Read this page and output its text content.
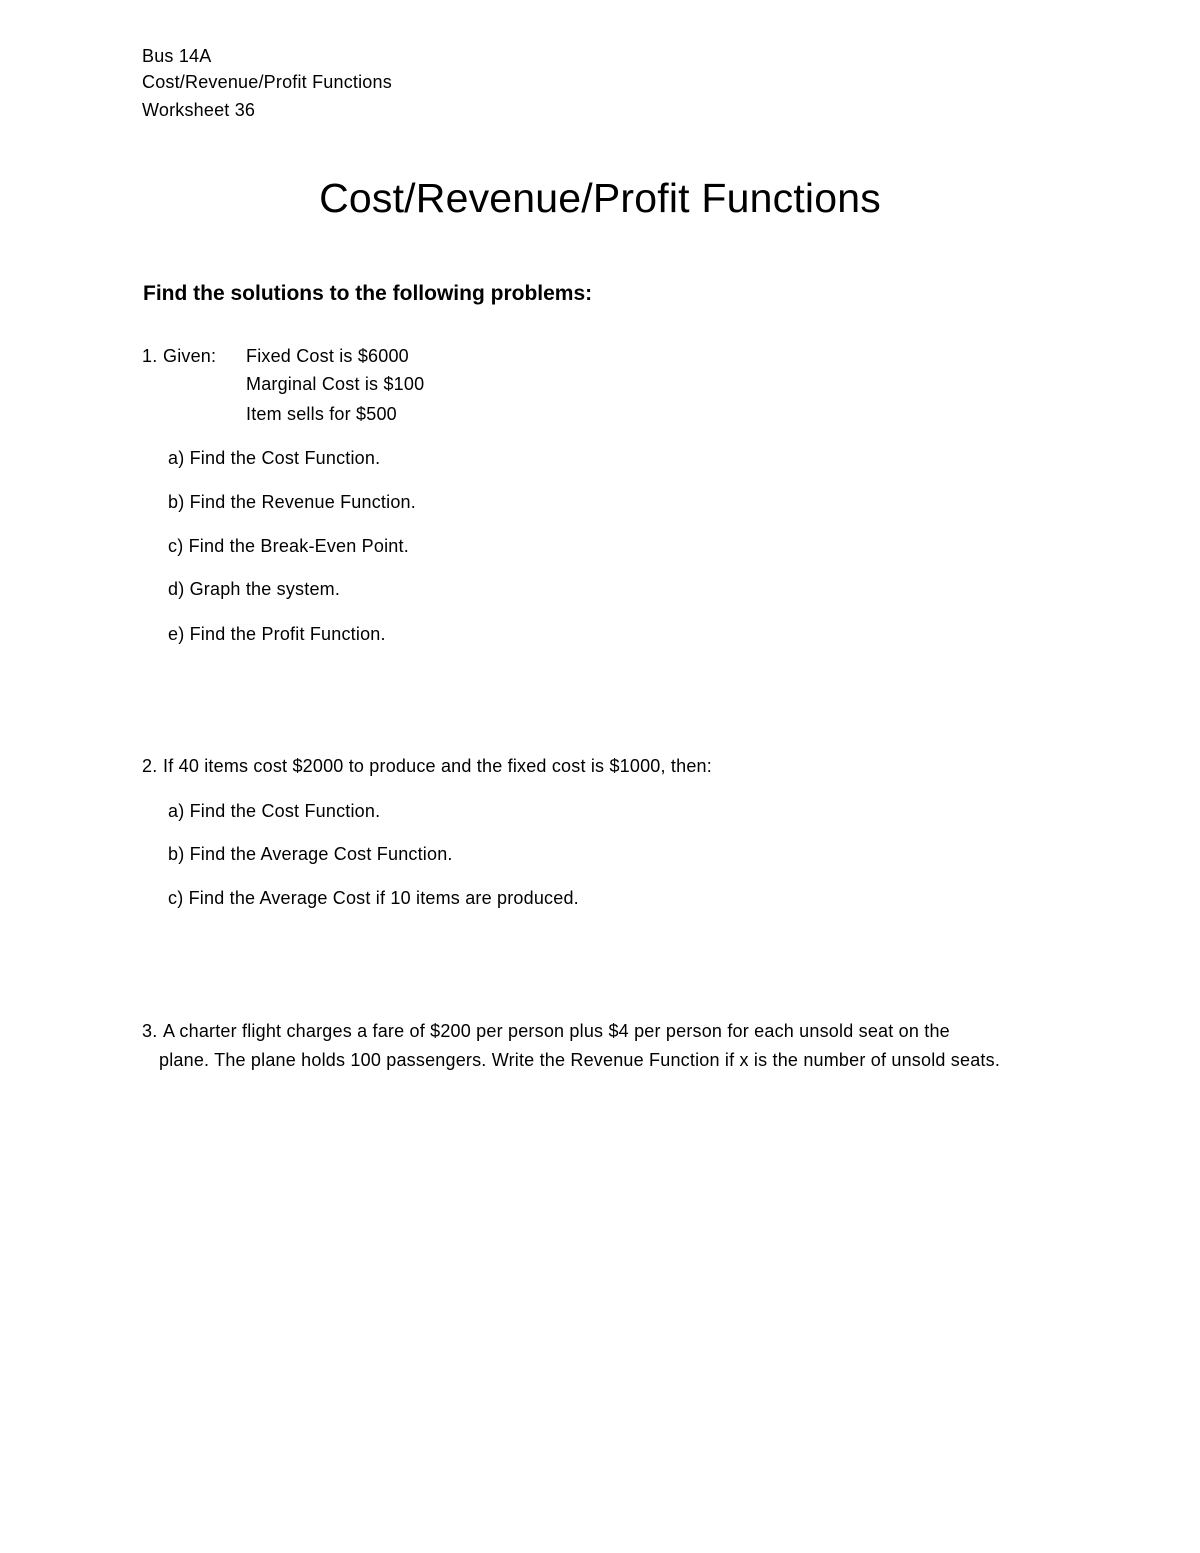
Bus 14A
Cost/Revenue/Profit Functions
Worksheet 36
Cost/Revenue/Profit Functions
Find the solutions to the following problems:
1. Given: Fixed Cost is $6000
Marginal Cost is $100
Item sells for $500
a) Find the Cost Function.
b) Find the Revenue Function.
c) Find the Break-Even Point.
d) Graph the system.
e) Find the Profit Function.
2. If 40 items cost $2000 to produce and the fixed cost is $1000, then:
a) Find the Cost Function.
b) Find the Average Cost Function.
c) Find the Average Cost if 10 items are produced.
3. A charter flight charges a fare of $200 per person plus $4 per person for each unsold seat on the
plane. The plane holds 100 passengers. Write the Revenue Function if x is the number of unsold seats.
